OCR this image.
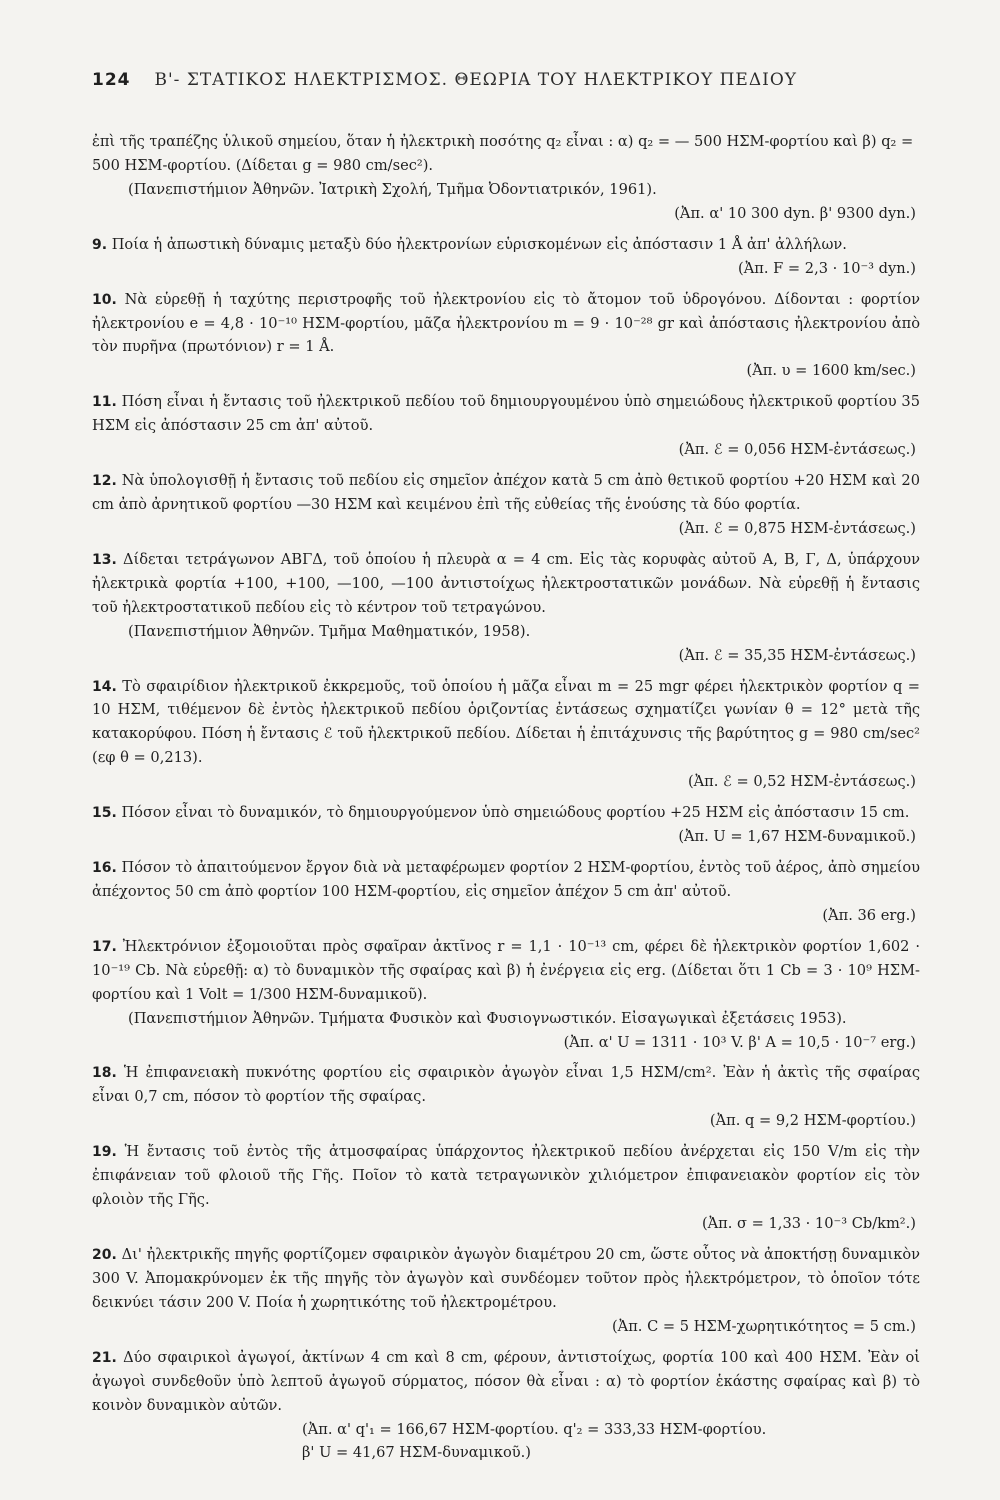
124 Β'- ΣΤΑΤΙΚΟΣ ΗΛΕΚΤΡΙΣΜΟΣ. ΘΕΩΡΙΑ ΤΟΥ ΗΛΕΚΤΡΙΚΟΥ ΠΕΔΙΟΥ

ἐπὶ τῆς τραπέζης ὑλικοῦ σημείου, ὅταν ἡ ἠλεκτρικὴ ποσότης q₂ εἶναι : α) q₂ = — 500 ΗΣΜ-φορτίου καὶ β) q₂ = 500 ΗΣΜ-φορτίου. (Δίδεται g = 980 cm/sec²).
(Πανεπιστήμιον Ἀθηνῶν. Ἰατρικὴ Σχολή, Τμῆμα Ὀδοντιατρικόν, 1961).
(Ἀπ. α' 10 300 dyn. β' 9300 dyn.)

9. Ποία ἡ ἀπωστικὴ δύναμις μεταξὺ δύο ἠλεκτρονίων εὑρισκομένων εἰς ἀπόστασιν 1 Å ἀπ' ἀλλήλων.
(Ἀπ. F = 2,3 · 10⁻³ dyn.)

10. Νὰ εὑρεθῇ ἡ ταχύτης περιστροφῆς τοῦ ἠλεκτρονίου εἰς τὸ ἄτομον τοῦ ὑδρογόνου. Δίδονται : φορτίον ἠλεκτρονίου e = 4,8 · 10⁻¹⁰ ΗΣΜ-φορτίου, μᾶζα ἠλεκτρονίου m = 9 · 10⁻²⁸ gr καὶ ἀπόστασις ἠλεκτρονίου ἀπὸ τὸν πυρῆνα (πρωτόνιον) r = 1 Å.
(Ἀπ. υ = 1600 km/sec.)

11. Πόση εἶναι ἡ ἔντασις τοῦ ἠλεκτρικοῦ πεδίου τοῦ δημιουργουμένου ὑπὸ σημειώδους ἠλεκτρικοῦ φορτίου 35 ΗΣΜ εἰς ἀπόστασιν 25 cm ἀπ' αὐτοῦ.
(Ἀπ. ℰ = 0,056 ΗΣΜ-ἐντάσεως.)

12. Νὰ ὑπολογισθῇ ἡ ἔντασις τοῦ πεδίου εἰς σημεῖον ἀπέχον κατὰ 5 cm ἀπὸ θετικοῦ φορτίου +20 ΗΣΜ καὶ 20 cm ἀπὸ ἀρνητικοῦ φορτίου —30 ΗΣΜ καὶ κειμένου ἐπὶ τῆς εὐθείας τῆς ἑνούσης τὰ δύο φορτία.
(Ἀπ. ℰ = 0,875 ΗΣΜ-ἐντάσεως.)

13. Δίδεται τετράγωνον ΑΒΓΔ, τοῦ ὁποίου ἡ πλευρὰ α = 4 cm. Εἰς τὰς κορυφὰς αὐτοῦ Α, Β, Γ, Δ, ὑπάρχουν ἠλεκτρικὰ φορτία +100, +100, —100, —100 ἀντιστοίχως ἠλεκτροστατικῶν μονάδων. Νὰ εὑρεθῇ ἡ ἔντασις τοῦ ἠλεκτροστατικοῦ πεδίου εἰς τὸ κέντρον τοῦ τετραγώνου.
(Πανεπιστήμιον Ἀθηνῶν. Τμῆμα Μαθηματικόν, 1958).
(Ἀπ. ℰ = 35,35 ΗΣΜ-ἐντάσεως.)

14. Τὸ σφαιρίδιον ἠλεκτρικοῦ ἐκκρεμοῦς, τοῦ ὁποίου ἡ μᾶζα εἶναι m = 25 mgr φέρει ἠλεκτρικὸν φορτίον q = 10 ΗΣΜ, τιθέμενον δὲ ἐντὸς ἠλεκτρικοῦ πεδίου ὁριζοντίας ἐντάσεως σχηματίζει γωνίαν θ = 12° μετὰ τῆς κατακορύφου. Πόση ἡ ἔντασις ℰ τοῦ ἠλεκτρικοῦ πεδίου. Δίδεται ἡ ἐπιτάχυνσις τῆς βαρύτητος g = 980 cm/sec² (εφ θ = 0,213).
(Ἀπ. ℰ = 0,52 ΗΣΜ-ἐντάσεως.)

15. Πόσον εἶναι τὸ δυναμικόν, τὸ δημιουργούμενον ὑπὸ σημειώδους φορτίου +25 ΗΣΜ εἰς ἀπόστασιν 15 cm.
(Ἀπ. U = 1,67 ΗΣΜ-δυναμικοῦ.)

16. Πόσον τὸ ἀπαιτούμενον ἔργον διὰ νὰ μεταφέρωμεν φορτίον 2 ΗΣΜ-φορτίου, ἐντὸς τοῦ ἀέρος, ἀπὸ σημείου ἀπέχοντος 50 cm ἀπὸ φορτίον 100 ΗΣΜ-φορτίου, εἰς σημεῖον ἀπέχον 5 cm ἀπ' αὐτοῦ.
(Ἀπ. 36 erg.)

17. Ἠλεκτρόνιον ἐξομοιοῦται πρὸς σφαῖραν ἀκτῖνος r = 1,1 · 10⁻¹³ cm, φέρει δὲ ἠλεκτρικὸν φορτίον 1,602 · 10⁻¹⁹ Cb. Νὰ εὑρεθῇ: α) τὸ δυναμικὸν τῆς σφαίρας καὶ β) ἡ ἐνέργεια εἰς erg. (Δίδεται ὅτι 1 Cb = 3 · 10⁹ ΗΣΜ-φορτίου καὶ 1 Volt = 1/300 ΗΣΜ-δυναμικοῦ).
(Πανεπιστήμιον Ἀθηνῶν. Τμήματα Φυσικὸν καὶ Φυσιογνωστικόν. Εἰσαγωγικαὶ ἐξετάσεις 1953).
(Ἀπ. α' U = 1311 · 10³ V. β' A = 10,5 · 10⁻⁷ erg.)

18. Ἡ ἐπιφανειακὴ πυκνότης φορτίου εἰς σφαιρικὸν ἀγωγὸν εἶναι 1,5 ΗΣΜ/cm². Ἐὰν ἡ ἀκτὶς τῆς σφαίρας εἶναι 0,7 cm, πόσον τὸ φορτίον τῆς σφαίρας.
(Ἀπ. q = 9,2 ΗΣΜ-φορτίου.)

19. Ἡ ἔντασις τοῦ ἐντὸς τῆς ἀτμοσφαίρας ὑπάρχοντος ἠλεκτρικοῦ πεδίου ἀνέρχεται εἰς 150 V/m εἰς τὴν ἐπιφάνειαν τοῦ φλοιοῦ τῆς Γῆς. Ποῖον τὸ κατὰ τετραγωνικὸν χιλιόμετρον ἐπιφανειακὸν φορτίον εἰς τὸν φλοιὸν τῆς Γῆς.
(Ἀπ. σ = 1,33 · 10⁻³ Cb/km².)

20. Δι' ἠλεκτρικῆς πηγῆς φορτίζομεν σφαιρικὸν ἀγωγὸν διαμέτρου 20 cm, ὥστε οὗτος νὰ ἀποκτήσῃ δυναμικὸν 300 V. Ἀπομακρύνομεν ἐκ τῆς πηγῆς τὸν ἀγωγὸν καὶ συνδέομεν τοῦτον πρὸς ἠλεκτρόμετρον, τὸ ὁποῖον τότε δεικνύει τάσιν 200 V. Ποία ἡ χωρητικότης τοῦ ἠλεκτρομέτρου.
(Ἀπ. C = 5 ΗΣΜ-χωρητικότητος = 5 cm.)

21. Δύο σφαιρικοὶ ἀγωγοί, ἀκτίνων 4 cm καὶ 8 cm, φέρουν, ἀντιστοίχως, φορτία 100 καὶ 400 ΗΣΜ. Ἐὰν οἱ ἀγωγοὶ συνδεθοῦν ὑπὸ λεπτοῦ ἀγωγοῦ σύρματος, πόσον θὰ εἶναι : α) τὸ φορτίον ἑκάστης σφαίρας καὶ β) τὸ κοινὸν δυναμικὸν αὐτῶν.
(Ἀπ. α' q'₁ = 166,67 ΗΣΜ-φορτίου. q'₂ = 333,33 ΗΣΜ-φορτίου.
β' U = 41,67 ΗΣΜ-δυναμικοῦ.)
